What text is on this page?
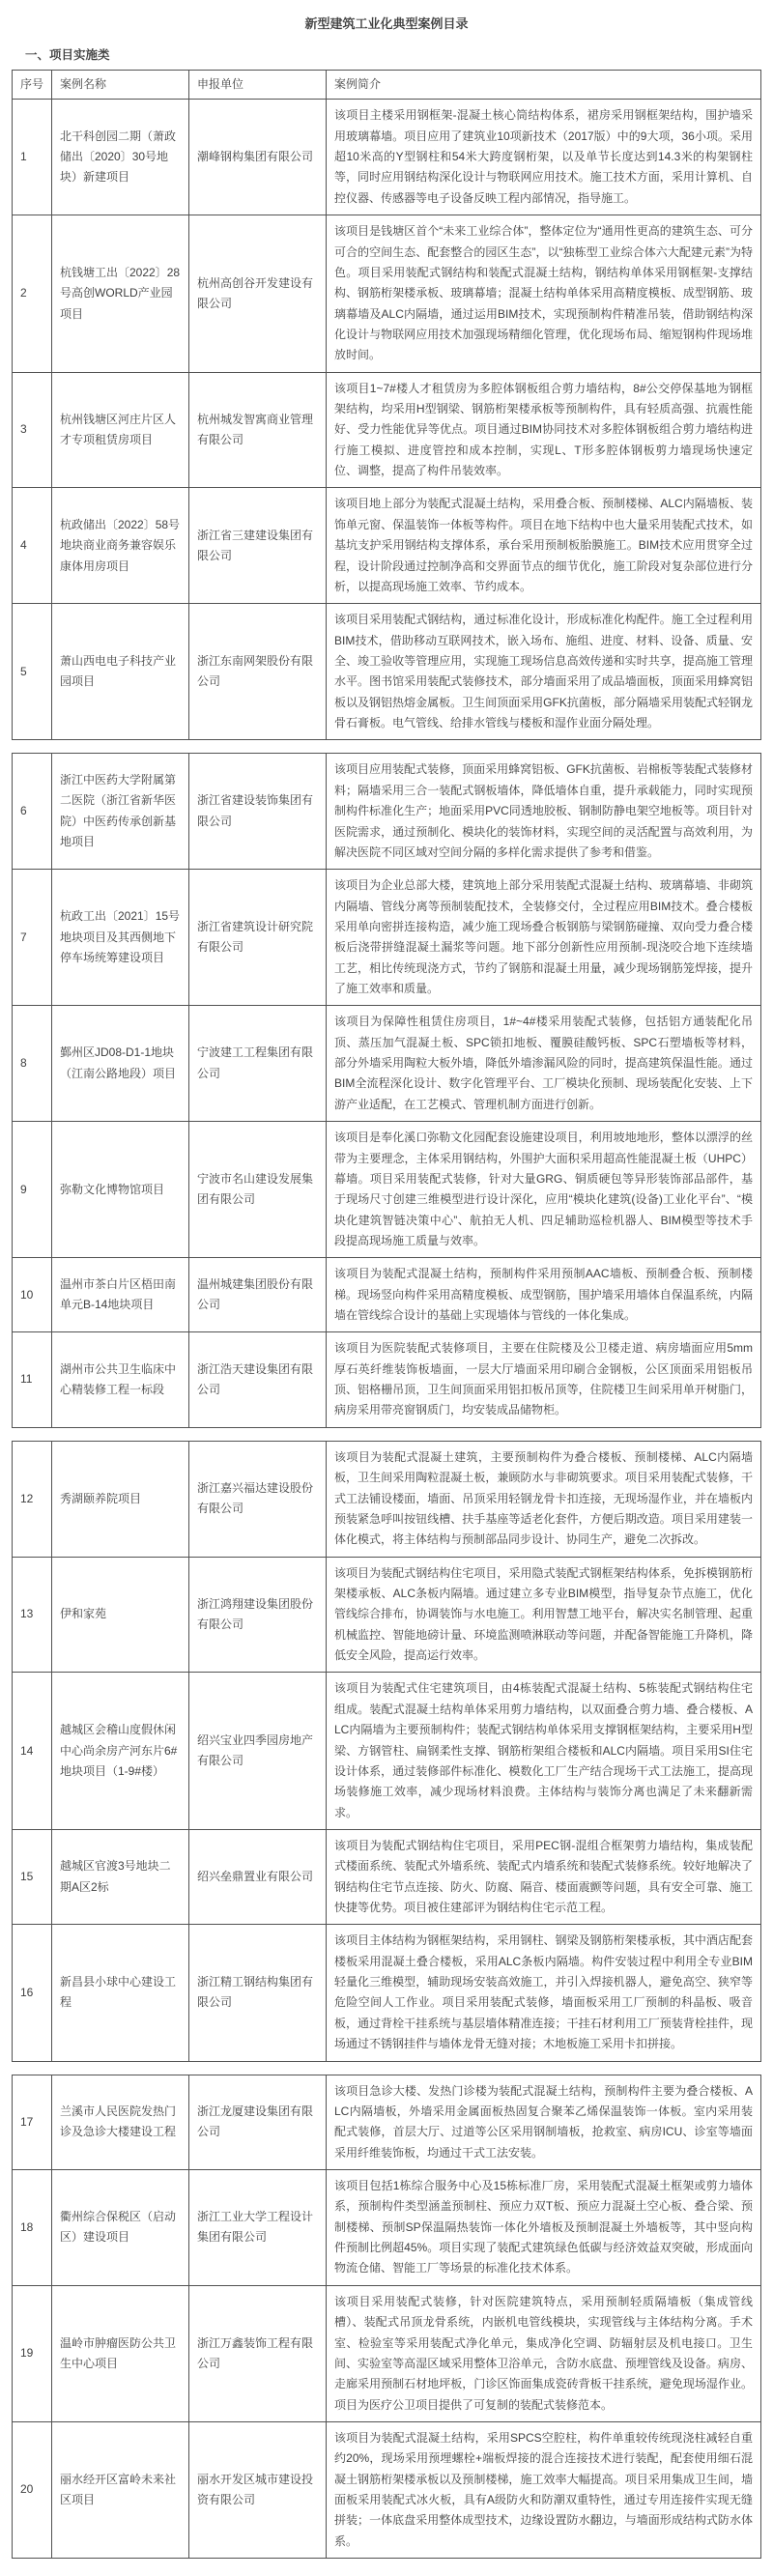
新型建筑工业化典型案例目录
一、项目实施类
序号	案例名称	申报单位	案例简介
1	北干科创园二期（萧政储出〔2020〕30号地块）新建项目	潮峰钢构集团有限公司	该项目主楼采用钢框架-混凝土核心筒结构体系，裙房采用钢框架结构，围护墙采用玻璃幕墙。项目应用了建筑业10项新技术（2017版）中的9大项，36小项。采用超10米高的Y型钢柱和54米大跨度钢桁架，以及单节长度达到14.3米的构架钢柱等，同时应用钢结构深化设计与物联网应用技术。施工技术方面，采用计算机、自控仪器、传感器等电子设备反映工程内部情况，指导施工。
2	杭钱塘工出〔2022〕28号高创WORLD产业园项目	杭州高创谷开发建设有限公司	该项目是钱塘区首个“未来工业综合体”，整体定位为“通用性更高的建筑生态、可分可合的空间生态、配套整合的园区生态”，以“独栋型工业综合体六大配建元素”为特色。项目采用装配式钢结构和装配式混凝土结构，钢结构单体采用钢框架-支撑结构、钢筋桁架楼承板、玻璃幕墙；混凝土结构单体采用高精度模板、成型钢筋、玻璃幕墙及ALC内隔墙，通过运用BIM技术，实现预制构件精准吊装，借助钢结构深化设计与物联网应用技术加强现场精细化管理，优化现场布局、缩短钢构件现场堆放时间。
3	杭州钱塘区河庄片区人才专项租赁房项目	杭州城发智寓商业管理有限公司	该项目1~7#楼人才租赁房为多腔体钢板组合剪力墙结构，8#公交停保基地为钢框架结构，均采用H型钢梁、钢筋桁架楼承板等预制构件，具有轻质高强、抗震性能好、受力性能优异等优点。项目通过BIM协同技术对多腔体钢板组合剪力墙结构进行施工模拟、进度管控和成本控制，实现L、T形多腔体钢板剪力墙现场快速定位、调整，提高了构件吊装效率。
4	杭政储出〔2022〕58号地块商业商务兼容娱乐康体用房项目	浙江省三建建设集团有限公司	该项目地上部分为装配式混凝土结构，采用叠合板、预制楼梯、ALC内隔墙板、装饰单元窗、保温装饰一体板等构件。项目在地下结构中也大量采用装配式技术，如基坑支护采用钢结构支撑体系，承台采用预制板胎膜施工。BIM技术应用贯穿全过程，设计阶段通过控制净高和交界面节点的细节优化，施工阶段对复杂部位进行分析，以提高现场施工效率、节约成本。
5	萧山西电电子科技产业园项目	浙江东南网架股份有限公司	该项目采用装配式钢结构，通过标准化设计，形成标准化构配件。施工全过程利用BIM技术，借助移动互联网技术，嵌入场布、施组、进度、材料、设备、质量、安全、竣工验收等管理应用，实现施工现场信息高效传递和实时共享，提高施工管理水平。图书馆采用装配式装修技术，部分墙面采用了成品墙面板，顶面采用蜂窝铝板以及钢铝热熔金属板。卫生间顶面采用GFK抗菌板，部分隔墙采用装配式轻钢龙骨石膏板。电气管线、给排水管线与楼板和湿作业面分隔处理。
6	浙江中医药大学附属第二医院（浙江省新华医院）中医药传承创新基地项目	浙江省建设装饰集团有限公司	该项目应用装配式装修，顶面采用蜂窝铝板、GFK抗菌板、岩棉板等装配式装修材料；隔墙采用三合一装配式钢板墙体，降低墙体自重，提升承载能力，同时实现预制构件标准化生产；地面采用PVC同透地胶板、钢制防静电架空地板等。项目针对医院需求，通过预制化、模块化的装饰材料，实现空间的灵活配置与高效利用，为解决医院不同区域对空间分隔的多样化需求提供了参考和借鉴。
7	杭政工出〔2021〕15号地块项目及其西侧地下停车场统筹建设项目	浙江省建筑设计研究院有限公司	该项目为企业总部大楼，建筑地上部分采用装配式混凝土结构、玻璃幕墙、非砌筑内隔墙、管线分离等预制装配技术，全装修交付，全过程应用BIM技术。叠合楼板采用单向密拼连接构造，减少施工现场叠合板钢筋与梁钢筋碰撞、双向受力叠合楼板后浇带拼缝混凝土漏浆等问题。地下部分创新性应用预制-现浇咬合地下连续墙工艺，相比传统现浇方式，节约了钢筋和混凝土用量，减少现场钢筋笼焊接，提升了施工效率和质量。
8	鄞州区JD08-D1-1地块（江南公路地段）项目	宁波建工工程集团有限公司	该项目为保障性租赁住房项目，1#~4#楼采用装配式装修，包括铝方通装配化吊顶、蒸压加气混凝土板、SPC锁扣地板、覆膜硅酸钙板、SPC石塑墙板等材料，部分外墙采用陶粒大板外墙，降低外墙渗漏风险的同时，提高建筑保温性能。通过BIM全流程深化设计、数字化管理平台、工厂模块化预制、现场装配化安装、上下游产业适配，在工艺模式、管理机制方面进行创新。
9	弥勒文化博物馆项目	宁波市名山建设发展集团有限公司	该项目是奉化溪口弥勒文化园配套设施建设项目，利用坡地地形，整体以漂浮的丝带为主要理念，主体采用钢结构，外围护大面积采用超高性能混凝土板（UHPC）幕墙。项目采用装配式装修，针对大量GRG、铜质硬包等异形装饰部品部件，基于现场尺寸创建三维模型进行设计深化，应用“模块化建筑(设备)工业化平台”、“模块化建筑智链决策中心”、航拍无人机、四足辅助巡检机器人、BIM模型等技术手段提高现场施工质量与效率。
10	温州市茶白片区梧田南单元B-14地块项目	温州城建集团股份有限公司	该项目为装配式混凝土结构，预制构件采用预制AAC墙板、预制叠合板、预制楼梯。现场竖向构件采用高精度模板、成型钢筋，围护墙采用墙体自保温系统，内隔墙在管线综合设计的基础上实现墙体与管线的一体化集成。
11	湖州市公共卫生临床中心精装修工程一标段	浙江浩天建设集团有限公司	该项目为医院装配式装修项目，主要在住院楼及公卫楼走道、病房墙面应用5mm厚石英纤维装饰板墙面，一层大厅墙面采用印刷合金钢板，公区顶面采用铝板吊顶、铝格栅吊顶，卫生间顶面采用铝扣板吊顶等，住院楼卫生间采用单开树脂门，病房采用带亮窗钢质门，均安装成品储物柜。
12	秀湖颐养院项目	浙江嘉兴福达建设股份有限公司	该项目为装配式混凝土建筑，主要预制构件为叠合楼板、预制楼梯、ALC内隔墙板，卫生间采用陶粒混凝土板，兼顾防水与非砌筑要求。项目采用装配式装修，干式工法铺设楼面，墙面、吊顶采用轻钢龙骨卡扣连接，无现场湿作业，并在墙板内预装紧急呼叫按钮线槽、扶手基座等适老化套件，方便后期改造。项目采用建装一体化模式，将主体结构与预制部品同步设计、协同生产，避免二次拆改。
13	伊和家苑	浙江鸿翔建设集团股份有限公司	该项目为装配式钢结构住宅项目，采用隐式装配式钢框架结构体系，免拆模钢筋桁架楼承板、ALC条板内隔墙。通过建立多专业BIM模型，指导复杂节点施工，优化管线综合排布，协调装饰与水电施工。利用智慧工地平台，解决实名制管理、起重机械监控、智能地磅计量、环境监测喷淋联动等问题，并配备智能施工升降机，降低安全风险，提高运行效率。
14	越城区会稽山度假休闲中心尚余房产河东片6#地块项目（1-9#楼）	绍兴宝业四季园房地产有限公司	该项目为装配式住宅建筑项目，由4栋装配式混凝土结构、5栋装配式钢结构住宅组成。装配式混凝土结构单体采用剪力墙结构，以双面叠合剪力墙、叠合楼板、ALC内隔墙为主要预制构件；装配式钢结构单体采用支撑钢框架结构，主要采用H型梁、方钢管柱、扁钢柔性支撑、钢筋桁架组合楼板和ALC内隔墙。项目采用SI住宅设计体系，通过装修部件标准化、模数化工厂生产结合现场干式工法施工，提高现场装修施工效率，减少现场材料浪费。主体结构与装饰分离也满足了未来翻新需求。
15	越城区官渡3号地块二期A区2标	绍兴垒鼎置业有限公司	该项目为装配式钢结构住宅项目，采用PEC钢-混组合框架剪力墙结构，集成装配式楼面系统、装配式外墙系统、装配式内墙系统和装配式装修系统。较好地解决了钢结构住宅节点连接、防火、防腐、隔音、楼面震颤等问题，具有安全可靠、施工快捷等优势。项目被住建部评为钢结构住宅示范工程。
16	新昌县小球中心建设工程	浙江精工钢结构集团有限公司	该项目主体结构为钢框架结构，采用钢柱、钢梁及钢筋桁架楼承板，其中酒店配套楼板采用混凝土叠合楼板，采用ALC条板内隔墙。构件安装过程中利用全专业BIM轻量化三维模型，辅助现场安装高效施工，并引入焊接机器人，避免高空、狭窄等危险空间人工作业。项目采用装配式装修，墙面板采用工厂预制的科晶板、吸音板，通过背栓干挂系统与基层墙体精准连接；干挂石材利用工厂预装背栓挂件，现场通过不锈钢挂件与墙体龙骨无缝对接；木地板施工采用卡扣拼接。
17	兰溪市人民医院发热门诊及急诊大楼建设工程	浙江龙厦建设集团有限公司	该项目急诊大楼、发热门诊楼为装配式混凝土结构，预制构件主要为叠合楼板、ALC内隔墙板，外墙采用金属面板热固复合聚苯乙烯保温装饰一体板。室内采用装配式装修，首层大厅、过道等公区采用钢制墙板，抢救室、病房ICU、诊室等墙面采用纤维装饰板，均通过干式工法安装。
18	衢州综合保税区（启动区）建设项目	浙江工业大学工程设计集团有限公司	该项目包括1栋综合服务中心及15栋标准厂房，采用装配式混凝土框架或剪力墙体系，预制构件类型涵盖预制柱、预应力双T板、预应力混凝土空心板、叠合梁、预制楼梯、预制SP保温隔热装饰一体化外墙板及预制混凝土外墙板等，其中竖向构件预制比例超45%。项目实现了装配式建筑绿色低碳与经济效益双突破，形成面向物流仓储、智能工厂等场景的标准化技术体系。
19	温岭市肿瘤医防公共卫生中心项目	浙江万鑫装饰工程有限公司	该项目采用装配式装修，针对医院建筑特点，采用预制轻质隔墙板（集成管线槽）、装配式吊顶龙骨系统，内嵌机电管线模块，实现管线与主体结构分离。手术室、检验室等采用装配式净化单元，集成净化空调、防辐射层及机电接口。卫生间、实验室等高湿区域采用整体卫浴单元，含防水底盘、预埋管线及设备。病房、走廊采用预制石材地坪板，门诊区饰面集成瓷砖背板干挂系统，避免现场湿作业。项目为医疗公卫项目提供了可复制的装配式装修范本。
20	丽水经开区富岭未来社区项目	丽水开发区城市建设投资有限公司	该项目为装配式混凝土结构，采用SPCS空腔柱，构件单重较传统现浇柱减轻自重约20%，现场采用预埋螺栓+端板焊接的混合连接技术进行装配，配套使用细石混凝土钢筋桁架楼承板以及预制楼梯，施工效率大幅提高。项目采用集成卫生间，墙面板采用装配式冰火板，具有A级防火和防潮双重特性，通过专用连接件实现无缝拼装；一体底盘采用整体成型技术，边缘设置防水翻边，与墙面形成结构式防水体系。
